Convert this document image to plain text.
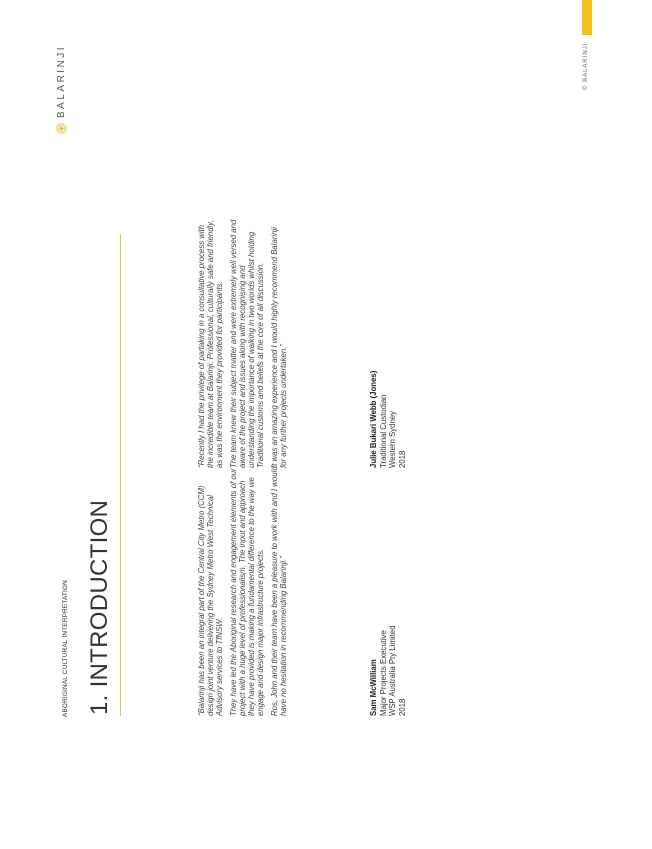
ABORIGINAL CULTURAL INTERPRETATION 1. INTRODUCTION	“Balarinji has been an integral part of the Central City Metro (CCM) design joint venture delivering the Sydney Metro West Technical Advisory services to TfNSW. They have led the Aboriginal research and engagement elements of our project with a huge level of professionalism. The input and approach they have provided is making a fundamental difference to the way we engage and design major infrastructure projects. Ros, John and their team have been a pleasure to work with and I would have no hesitation in recommending Balarinji.”	Sam McWilliam Major Projects Executive WSP Australia Pty Limited 2018

“Recently I had the privilege of partaking in a consultative process with the incredible team at Balarinji. Professional, culturally safe and friendly, as was the environment they provided for participants. The team knew their subject matter and were extremely well versed and aware of the project and issues along with recognising and understanding the importance of walking in two worlds whilst holding Traditional customs and beliefs at the core of all discussion. It was an amazing experience and I would highly recommend Balarinji for any further projects undertaken.”	Julie Bukari Webb (Jones) Traditional Custodian Western Sydney 2018
BALARINJI	© BALARINJI
